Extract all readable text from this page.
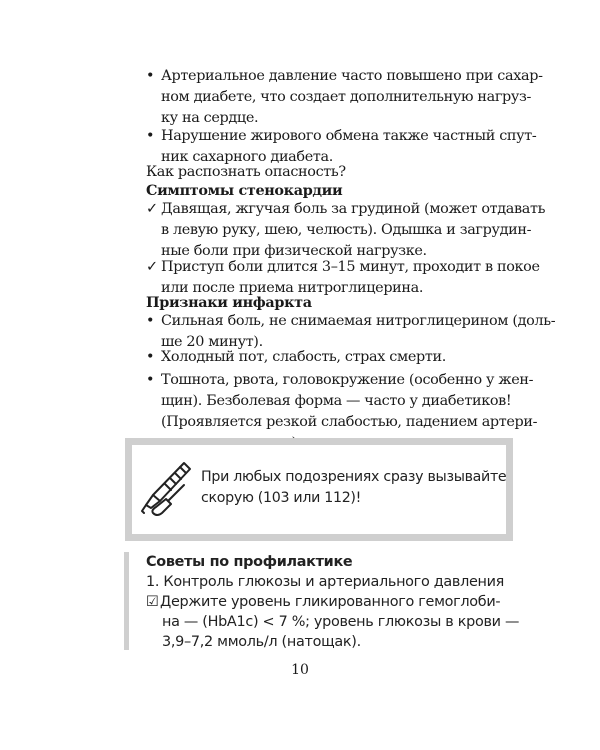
• Артериальное давление часто повышено при сахар-
ном диабете, что создает дополнительную нагруз-
ку на сердце.
• Нарушение жирового обмена также частный спут-
ник сахарного диабета.
Как распознать опасность?
Симптомы стенокардии
✓ Давящая, жгучая боль за грудиной (может отдавать
в левую руку, шею, челюсть). Одышка и загрудин-
ные боли при физической нагрузке.
✓ Приступ боли длится 3–15 минут, проходит в покое
или после приема нитроглицерина.
Признаки инфаркта
• Сильная боль, не снимаемая нитроглицерином (доль-
ше 20 минут).
• Холодный пот, слабость, страх смерти.
• Тошнота, рвота, головокружение (особенно у жен-
щин). Безболевая форма — часто у диабетиков!
(Проявляется резкой слабостью, падением артери-
При любых подозрениях сразу вызывайте
скорую (103 или 112)!
Советы по профилактике
1. Контроль глюкозы и артериального давления
☑Держите уровень гликированного гемоглоби-
на — (HbA1c) < 7 %; уровень глюкозы в крови —
3,9–7,2 ммоль/л (натощак).
10
